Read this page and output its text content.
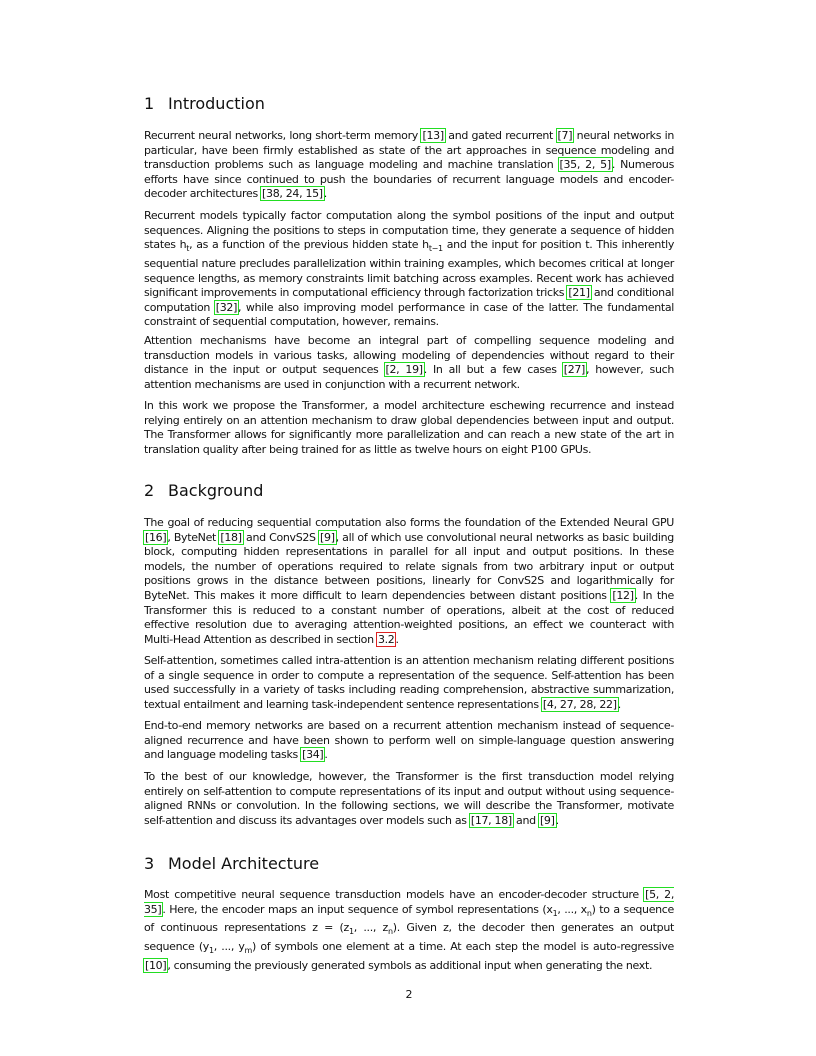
1 Introduction

Recurrent neural networks, long short-term memory [13] and gated recurrent [7] neural networks in particular, have been ﬁrmly established as state of the art approaches in sequence modeling and transduction problems such as language modeling and machine translation [35, 2, 5]. Numerous efforts have since continued to push the boundaries of recurrent language models and encoder-decoder architectures [38, 24, 15].

Recurrent models typically factor computation along the symbol positions of the input and output sequences. Aligning the positions to steps in computation time, they generate a sequence of hidden states $h_t$, as a function of the previous hidden state $h_{t-1}$ and the input for position t. This inherently sequential nature precludes parallelization within training examples, which becomes critical at longer sequence lengths, as memory constraints limit batching across examples. Recent work has achieved signiﬁcant improvements in computational efﬁciency through factorization tricks [21] and conditional computation [32], while also improving model performance in case of the latter. The fundamental constraint of sequential computation, however, remains.

Attention mechanisms have become an integral part of compelling sequence modeling and transduction models in various tasks, allowing modeling of dependencies without regard to their distance in the input or output sequences [2, 19]. In all but a few cases [27], however, such attention mechanisms are used in conjunction with a recurrent network.

In this work we propose the Transformer, a model architecture eschewing recurrence and instead relying entirely on an attention mechanism to draw global dependencies between input and output. The Transformer allows for signiﬁcantly more parallelization and can reach a new state of the art in translation quality after being trained for as little as twelve hours on eight P100 GPUs.

2 Background

The goal of reducing sequential computation also forms the foundation of the Extended Neural GPU [16], ByteNet [18] and ConvS2S [9], all of which use convolutional neural networks as basic building block, computing hidden representations in parallel for all input and output positions. In these models, the number of operations required to relate signals from two arbitrary input or output positions grows in the distance between positions, linearly for ConvS2S and logarithmically for ByteNet. This makes it more difﬁcult to learn dependencies between distant positions [12]. In the Transformer this is reduced to a constant number of operations, albeit at the cost of reduced effective resolution due to averaging attention-weighted positions, an effect we counteract with Multi-Head Attention as described in section 3.2.

Self-attention, sometimes called intra-attention is an attention mechanism relating different positions of a single sequence in order to compute a representation of the sequence. Self-attention has been used successfully in a variety of tasks including reading comprehension, abstractive summarization, textual entailment and learning task-independent sentence representations [4, 27, 28, 22].

End-to-end memory networks are based on a recurrent attention mechanism instead of sequence-aligned recurrence and have been shown to perform well on simple-language question answering and language modeling tasks [34].

To the best of our knowledge, however, the Transformer is the ﬁrst transduction model relying entirely on self-attention to compute representations of its input and output without using sequence-aligned RNNs or convolution. In the following sections, we will describe the Transformer, motivate self-attention and discuss its advantages over models such as [17, 18] and [9].

3 Model Architecture

Most competitive neural sequence transduction models have an encoder-decoder structure [5, 2, 35]. Here, the encoder maps an input sequence of symbol representations ($x_1$, ..., $x_n$) to a sequence of continuous representations $z = (z_1$, ..., $z_n$). Given z, the decoder then generates an output sequence ($y_1$, ..., $y_m$) of symbols one element at a time. At each step the model is auto-regressive [10], consuming the previously generated symbols as additional input when generating the next.

2
